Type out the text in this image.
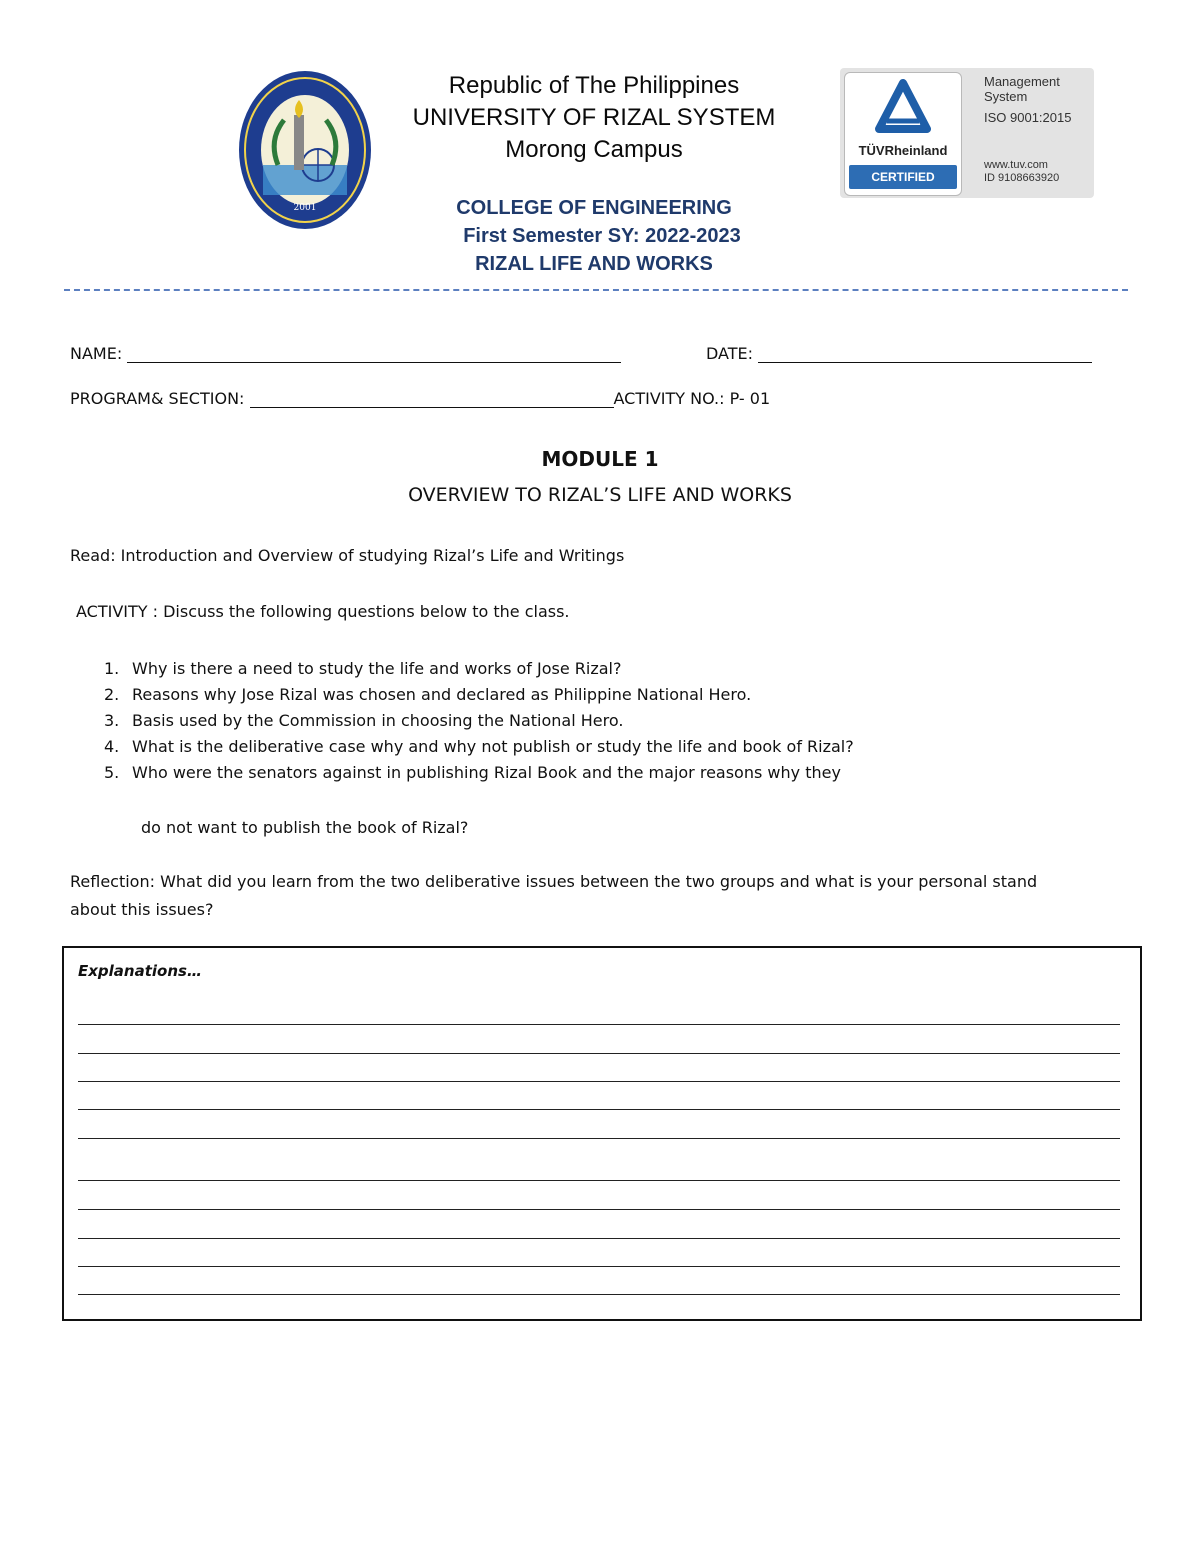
2001
Republic of The Philippines
UNIVERSITY OF RIZAL SYSTEM
Morong Campus
COLLEGE OF ENGINEERING
First Semester SY: 2022-2023
RIZAL LIFE AND WORKS
TÜVRheinland
CERTIFIED
Management
System
ISO 9001:2015
www.tuv.com
ID 9108663920
NAME:	DATE:
PROGRAM& SECTION:	ACTIVITY NO.: P- 01
MODULE 1
OVERVIEW TO RIZAL’S LIFE AND WORKS
Read: Introduction and Overview of studying Rizal’s Life and Writings
ACTIVITY : Discuss the following questions below to the class.
1. Why is there a need to study the life and works of Jose Rizal?
2. Reasons why Jose Rizal was chosen and declared as Philippine National Hero.
3. Basis used by the Commission in choosing the National Hero.
4. What is the deliberative case why and why not publish or study the life and book of Rizal?
5. Who were the senators against in publishing Rizal Book and the major reasons why they
do not want to publish the book of Rizal?
Reflection: What did you learn from the two deliberative issues between the two groups and what is your personal stand
about this issues?
Explanations…
